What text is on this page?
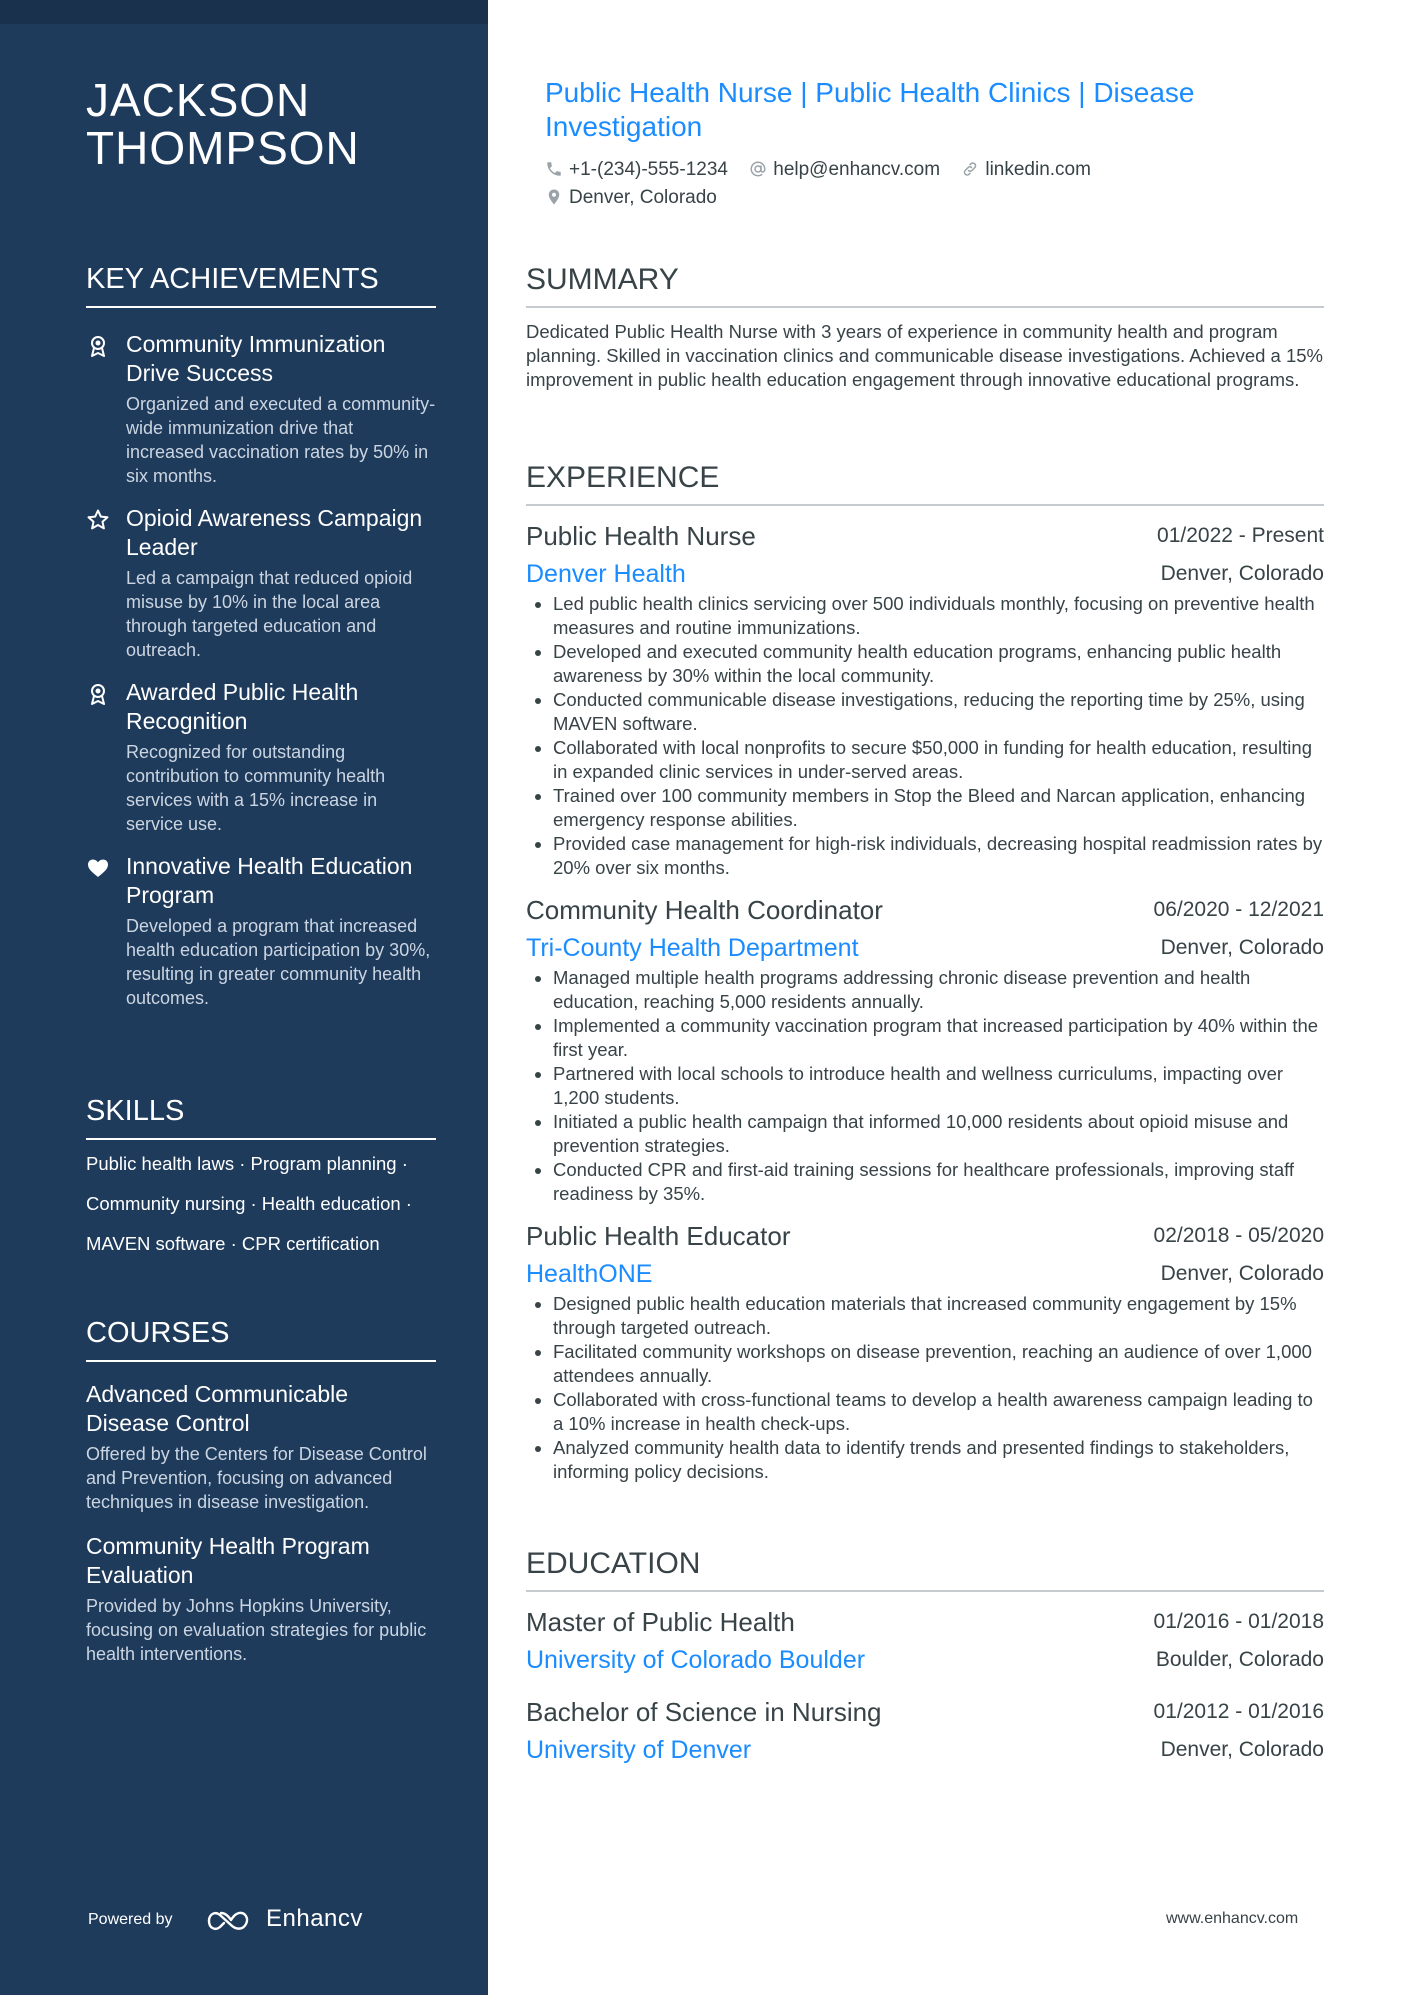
JACKSON THOMPSON
KEY ACHIEVEMENTS
Community Immunization Drive Success
Organized and executed a community-wide immunization drive that increased vaccination rates by 50% in six months.
Opioid Awareness Campaign Leader
Led a campaign that reduced opioid misuse by 10% in the local area through targeted education and outreach.
Awarded Public Health Recognition
Recognized for outstanding contribution to community health services with a 15% increase in service use.
Innovative Health Education Program
Developed a program that increased health education participation by 30%, resulting in greater community health outcomes.
SKILLS
Public health laws · Program planning ·
Community nursing · Health education ·
MAVEN software · CPR certification
COURSES
Advanced Communicable Disease Control
Offered by the Centers for Disease Control and Prevention, focusing on advanced techniques in disease investigation.
Community Health Program Evaluation
Provided by Johns Hopkins University, focusing on evaluation strategies for public health interventions.
Powered by	Enhancv
Public Health Nurse | Public Health Clinics | Disease Investigation
+1-(234)-555-1234 help@enhancv.com linkedin.com
Denver, Colorado
SUMMARY
Dedicated Public Health Nurse with 3 years of experience in community health and program planning. Skilled in vaccination clinics and communicable disease investigations. Achieved a 15% improvement in public health education engagement through innovative educational programs.
EXPERIENCE
Public Health Nurse	01/2022 - Present
Denver Health	Denver, Colorado
Led public health clinics servicing over 500 individuals monthly, focusing on preventive health measures and routine immunizations.
Developed and executed community health education programs, enhancing public health awareness by 30% within the local community.
Conducted communicable disease investigations, reducing the reporting time by 25%, using MAVEN software.
Collaborated with local nonprofits to secure $50,000 in funding for health education, resulting in expanded clinic services in under-served areas.
Trained over 100 community members in Stop the Bleed and Narcan application, enhancing emergency response abilities.
Provided case management for high-risk individuals, decreasing hospital readmission rates by 20% over six months.
Community Health Coordinator	06/2020 - 12/2021
Tri-County Health Department	Denver, Colorado
Managed multiple health programs addressing chronic disease prevention and health education, reaching 5,000 residents annually.
Implemented a community vaccination program that increased participation by 40% within the first year.
Partnered with local schools to introduce health and wellness curriculums, impacting over 1,200 students.
Initiated a public health campaign that informed 10,000 residents about opioid misuse and prevention strategies.
Conducted CPR and first-aid training sessions for healthcare professionals, improving staff readiness by 35%.
Public Health Educator	02/2018 - 05/2020
HealthONE	Denver, Colorado
Designed public health education materials that increased community engagement by 15% through targeted outreach.
Facilitated community workshops on disease prevention, reaching an audience of over 1,000 attendees annually.
Collaborated with cross-functional teams to develop a health awareness campaign leading to a 10% increase in health check-ups.
Analyzed community health data to identify trends and presented findings to stakeholders, informing policy decisions.
EDUCATION
Master of Public Health	01/2016 - 01/2018
University of Colorado Boulder	Boulder, Colorado
Bachelor of Science in Nursing	01/2012 - 01/2016
University of Denver	Denver, Colorado
www.enhancv.com
